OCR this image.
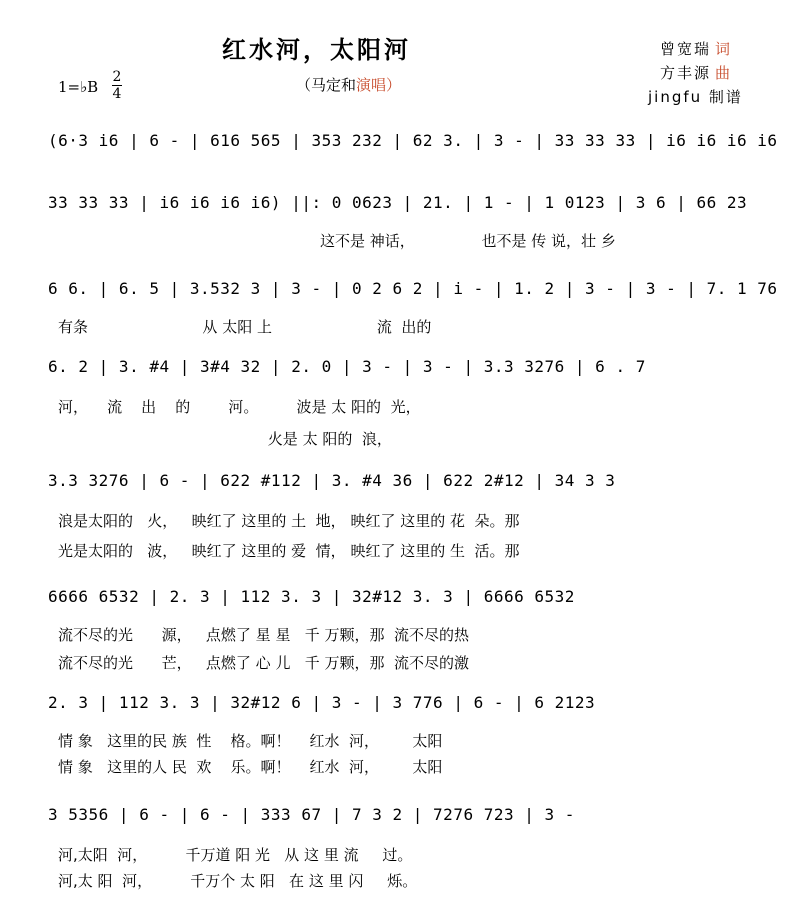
红水河，太阳河
（马定和演唱）
曾宽瑞 词
方丰源 曲
jingfu 制谱
1=♭B
2
4
(6·3 i6 | 6 - | 616 565 | 353 232 | 62 3. | 3 - | 33 33 33 | i6 i6 i6 i6
33 33 33 | i6 i6 i6 i6) ||: 0 0623 | 21. | 1 - | 1 0123 | 3 6 | 66 23
这不是 神话，              也不是 传 说，壮 乡
6 6. | 6. 5 | 3.532 3 | 3 - | 0 2 6 2 | i - | 1. 2 | 3 - | 3 - | 7. 1 76
有条                        从 太阳 上                      流  出的
6. 2 | 3. #4 | 3#4 32 | 2. 0 | 3 - | 3 - | 3.3 3276 | 6 . 7
河，    流    出    的        河。        波是 太 阳的  光，
火是 太 阳的  浪，
3.3 3276 | 6 - | 622 #112 | 3. #4 36 | 622 2#12 | 34 3 3
浪是太阳的   火，   映红了 这里的 土  地， 映红了 这里的 花  朵。那
光是太阳的   波，   映红了 这里的 爱  情， 映红了 这里的 生  活。那
6666 6532 | 2. 3 | 112 3. 3 | 32#12 3. 3 | 6666 6532
流不尽的光      源，   点燃了 星 星   千 万颗，那  流不尽的热
流不尽的光      芒，   点燃了 心 儿   千 万颗，那  流不尽的激
2. 3 | 112 3. 3 | 32#12 6 | 3 - | 3 776 | 6 - | 6 2123
情 象   这里的民 族  性    格。啊！    红水  河，       太阳
情 象   这里的人 民  欢    乐。啊！    红水  河，       太阳
3 5356 | 6 - | 6 - | 333 67 | 7 3 2 | 7276 723 | 3 -
河,太阳  河，        千万道 阳 光   从 这 里 流     过。
河,太 阳  河，        千万个 太 阳   在 这 里 闪     烁。
